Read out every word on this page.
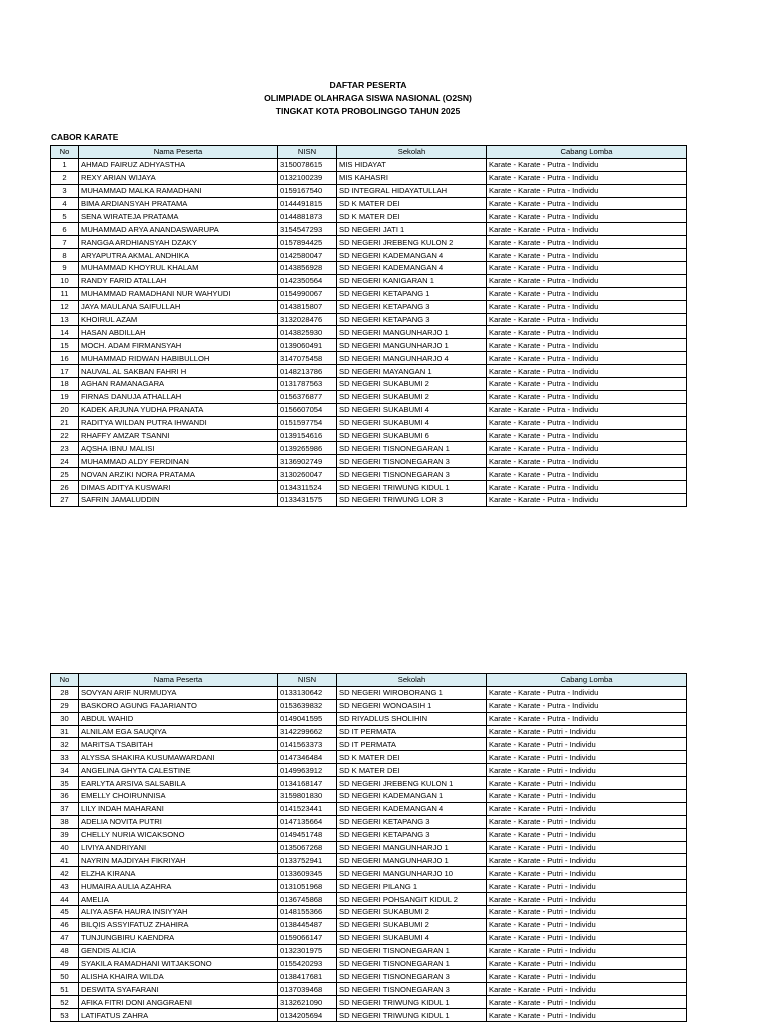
DAFTAR PESERTA
OLIMPIADE OLAHRAGA SISWA NASIONAL (O2SN)
TINGKAT KOTA PROBOLINGGO TAHUN 2025
CABOR KARATE
No	Nama Peserta	NISN	Sekolah	Cabang Lomba
1	AHMAD FAIRUZ ADHYASTHA	3150078615	MIS HIDAYAT	Karate - Karate - Putra - Individu
2	REXY ARIAN WIJAYA	0132100239	MIS KAHASRI	Karate - Karate - Putra - Individu
3	MUHAMMAD MALKA RAMADHANI	0159167540	SD INTEGRAL HIDAYATULLAH	Karate - Karate - Putra - Individu
4	BIMA ARDIANSYAH PRATAMA	0144491815	SD K MATER DEI	Karate - Karate - Putra - Individu
5	SENA WIRATEJA PRATAMA	0144881873	SD K MATER DEI	Karate - Karate - Putra - Individu
6	MUHAMMAD ARYA ANANDASWARUPA	3154547293	SD NEGERI JATI 1	Karate - Karate - Putra - Individu
7	RANGGA ARDHIANSYAH DZAKY	0157894425	SD NEGERI JREBENG KULON 2	Karate - Karate - Putra - Individu
8	ARYAPUTRA AKMAL ANDHIKA	0142580047	SD NEGERI KADEMANGAN 4	Karate - Karate - Putra - Individu
9	MUHAMMAD KHOYRUL KHALAM	0143856928	SD NEGERI KADEMANGAN 4	Karate - Karate - Putra - Individu
10	RANDY FARID ATALLAH	0142350564	SD NEGERI KANIGARAN 1	Karate - Karate - Putra - Individu
11	MUHAMMAD RAMADHANI NUR WAHYUDI	0154990067	SD NEGERI KETAPANG 1	Karate - Karate - Putra - Individu
12	JAYA MAULANA SAIFULLAH	0143815807	SD NEGERI KETAPANG 3	Karate - Karate - Putra - Individu
13	KHOIRUL AZAM	3132028476	SD NEGERI KETAPANG 3	Karate - Karate - Putra - Individu
14	HASAN ABDILLAH	0143825930	SD NEGERI MANGUNHARJO 1	Karate - Karate - Putra - Individu
15	MOCH. ADAM FIRMANSYAH	0139060491	SD NEGERI MANGUNHARJO 1	Karate - Karate - Putra - Individu
16	MUHAMMAD RIDWAN HABIBULLOH	3147075458	SD NEGERI MANGUNHARJO 4	Karate - Karate - Putra - Individu
17	NAUVAL AL SAKBAN FAHRI H	0148213786	SD NEGERI MAYANGAN 1	Karate - Karate - Putra - Individu
18	AGHAN RAMANAGARA	0131787563	SD NEGERI SUKABUMI 2	Karate - Karate - Putra - Individu
19	FIRNAS DANUJA ATHALLAH	0156376877	SD NEGERI SUKABUMI 2	Karate - Karate - Putra - Individu
20	KADEK ARJUNA YUDHA PRANATA	0156607054	SD NEGERI SUKABUMI 4	Karate - Karate - Putra - Individu
21	RADITYA WILDAN PUTRA IHWANDI	0151597754	SD NEGERI SUKABUMI 4	Karate - Karate - Putra - Individu
22	RHAFFY AMZAR TSANNI	0139154616	SD NEGERI SUKABUMI 6	Karate - Karate - Putra - Individu
23	AQSHA IBNU MALISI	0139265986	SD NEGERI TISNONEGARAN 1	Karate - Karate - Putra - Individu
24	MUHAMMAD ALDY FERDINAN	3136902749	SD NEGERI TISNONEGARAN 3	Karate - Karate - Putra - Individu
25	NOVAN ARZIKI NORA PRATAMA	3130260047	SD NEGERI TISNONEGARAN 3	Karate - Karate - Putra - Individu
26	DIMAS ADITYA KUSWARI	0134311524	SD NEGERI TRIWUNG KIDUL 1	Karate - Karate - Putra - Individu
27	SAFRIN JAMALUDDIN	0133431575	SD NEGERI TRIWUNG LOR 3	Karate - Karate - Putra - Individu
No	Nama Peserta	NISN	Sekolah	Cabang Lomba
28	SOVYAN ARIF NURMUDYA	0133130642	SD NEGERI WIROBORANG 1	Karate - Karate - Putra - Individu
29	BASKORO AGUNG FAJARIANTO	0153639832	SD NEGERI WONOASIH 1	Karate - Karate - Putra - Individu
30	ABDUL WAHID	0149041595	SD RIYADLUS SHOLIHIN	Karate - Karate - Putra - Individu
31	ALNILAM EGA SAUQIYA	3142299662	SD IT PERMATA	Karate - Karate - Putri - Individu
32	MARITSA TSABITAH	0141563373	SD IT PERMATA	Karate - Karate - Putri - Individu
33	ALYSSA SHAKIRA KUSUMAWARDANI	0147346484	SD K MATER DEI	Karate - Karate - Putri - Individu
34	ANGELINA GHYTA CALESTINE	0149963912	SD K MATER DEI	Karate - Karate - Putri - Individu
35	EARLYTA ARSIVA SALSABILA	0134168147	SD NEGERI JREBENG KULON 1	Karate - Karate - Putri - Individu
36	EMELLY CHOIRUNNISA	3159801830	SD NEGERI KADEMANGAN 1	Karate - Karate - Putri - Individu
37	LILY INDAH MAHARANI	0141523441	SD NEGERI KADEMANGAN 4	Karate - Karate - Putri - Individu
38	ADELIA NOVITA PUTRI	0147135664	SD NEGERI KETAPANG 3	Karate - Karate - Putri - Individu
39	CHELLY NURIA WICAKSONO	0149451748	SD NEGERI KETAPANG 3	Karate - Karate - Putri - Individu
40	LIVIYA ANDRIYANI	0135067268	SD NEGERI MANGUNHARJO 1	Karate - Karate - Putri - Individu
41	NAYRIN MAJDIYAH FIKRIYAH	0133752941	SD NEGERI MANGUNHARJO 1	Karate - Karate - Putri - Individu
42	ELZHA KIRANA	0133609345	SD NEGERI MANGUNHARJO 10	Karate - Karate - Putri - Individu
43	HUMAIRA AULIA AZAHRA	0131051968	SD NEGERI PILANG 1	Karate - Karate - Putri - Individu
44	AMELIA	0136745868	SD NEGERI POHSANGIT KIDUL 2	Karate - Karate - Putri - Individu
45	ALIYA ASFA HAURA INSIYYAH	0148155366	SD NEGERI SUKABUMI 2	Karate - Karate - Putri - Individu
46	BILQIS ASSYIFATUZ ZHAHIRA	0138445487	SD NEGERI SUKABUMI 2	Karate - Karate - Putri - Individu
47	TUNJUNGBIRU KAENDRA	0159066147	SD NEGERI SUKABUMI 4	Karate - Karate - Putri - Individu
48	GENDIS ALICIA	0132301975	SD NEGERI TISNONEGARAN 1	Karate - Karate - Putri - Individu
49	SYAKILA RAMADHANI WITJAKSONO	0155420293	SD NEGERI TISNONEGARAN 1	Karate - Karate - Putri - Individu
50	ALISHA KHAIRA WILDA	0138417681	SD NEGERI TISNONEGARAN 3	Karate - Karate - Putri - Individu
51	DESWITA SYAFARANI	0137039468	SD NEGERI TISNONEGARAN 3	Karate - Karate - Putri - Individu
52	AFIKA FITRI DONI ANGGRAENI	3132621090	SD NEGERI TRIWUNG KIDUL 1	Karate - Karate - Putri - Individu
53	LATIFATUS ZAHRA	0134205694	SD NEGERI TRIWUNG KIDUL 1	Karate - Karate - Putri - Individu
